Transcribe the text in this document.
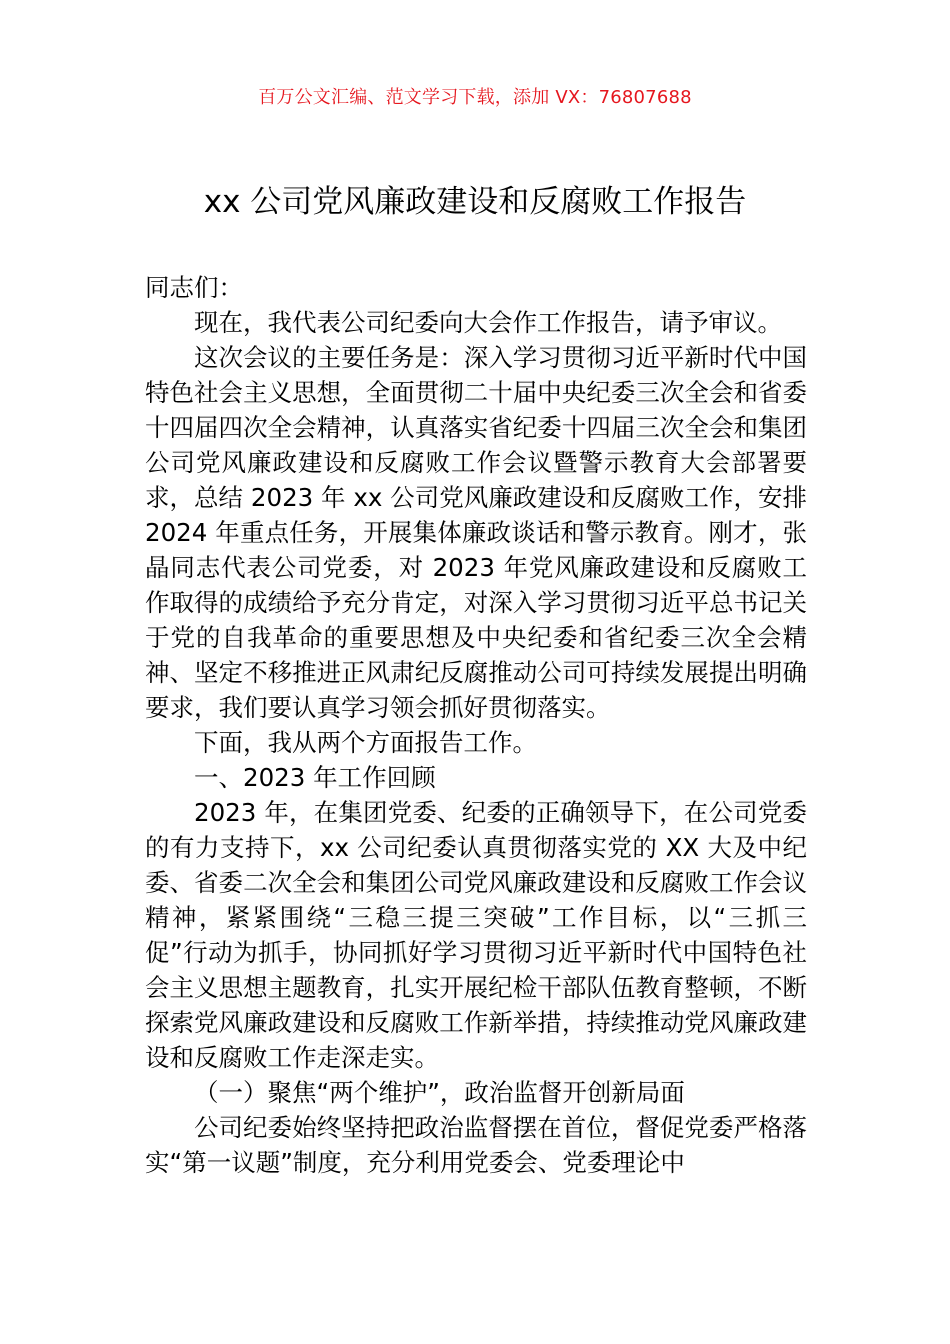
百万公文汇编、范文学习下载，添加 VX：76807688
xx 公司党风廉政建设和反腐败工作报告

同志们：

现在，我代表公司纪委向大会作工作报告，请予审议。

这次会议的主要任务是：深入学习贯彻习近平新时代中国特色社会主义思想，全面贯彻二十届中央纪委三次全会和省委十四届四次全会精神，认真落实省纪委十四届三次全会和集团公司党风廉政建设和反腐败工作会议暨警示教育大会部署要求，总结 2023 年 xx 公司党风廉政建设和反腐败工作，安排 2024 年重点任务，开展集体廉政谈话和警示教育。刚才，张晶同志代表公司党委，对 2023 年党风廉政建设和反腐败工作取得的成绩给予充分肯定，对深入学习贯彻习近平总书记关于党的自我革命的重要思想及中央纪委和省纪委三次全会精神、坚定不移推进正风肃纪反腐推动公司可持续发展提出明确要求，我们要认真学习领会抓好贯彻落实。

下面，我从两个方面报告工作。

一、2023 年工作回顾

2023 年，在集团党委、纪委的正确领导下，在公司党委的有力支持下，xx 公司纪委认真贯彻落实党的 XX 大及中纪委、省委二次全会和集团公司党风廉政建设和反腐败工作会议精神，紧紧围绕“三稳三提三突破”工作目标，以“三抓三促”行动为抓手，协同抓好学习贯彻习近平新时代中国特色社会主义思想主题教育，扎实开展纪检干部队伍教育整顿，不断探索党风廉政建设和反腐败工作新举措，持续推动党风廉政建设和反腐败工作走深走实。

（一）聚焦“两个维护”，政治监督开创新局面

公司纪委始终坚持把政治监督摆在首位，督促党委严格落实“第一议题”制度，充分利用党委会、党委理论中
